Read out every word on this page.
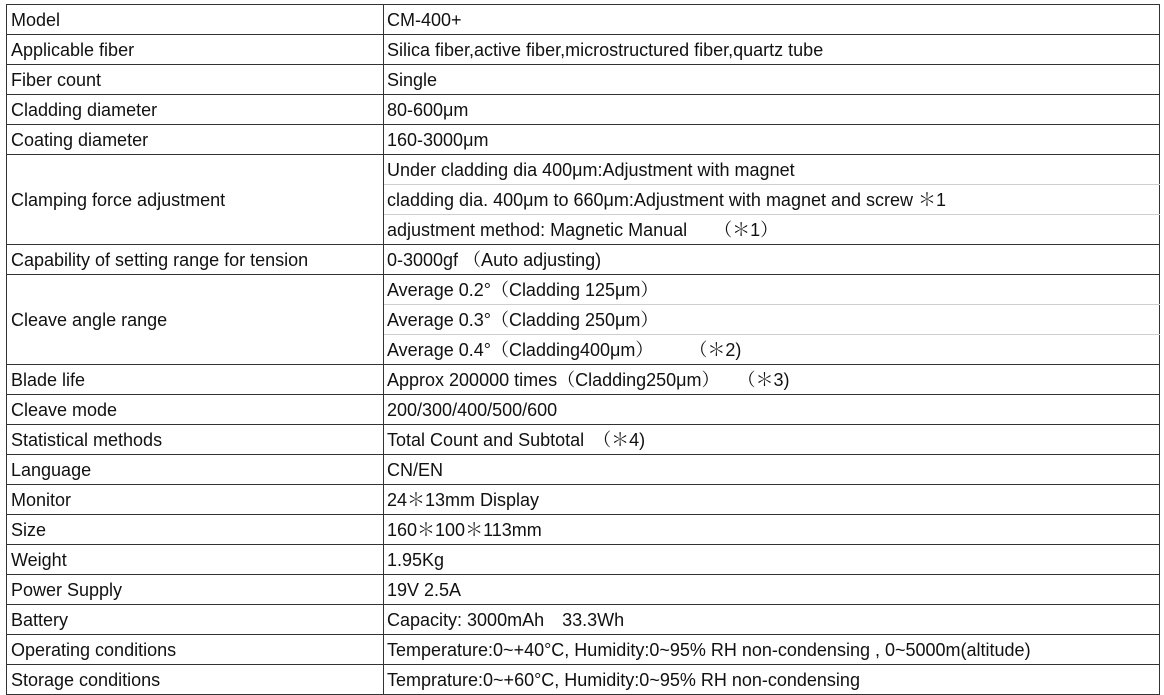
Model	CM-400+
Applicable fiber	Silica fiber,active fiber,microstructured fiber,quartz tube
Fiber count	Single
Cladding diameter	80-600μm
Coating diameter	160-3000μm
Clamping force adjustment	Under cladding dia 400μm:Adjustment with magnet
	cladding dia. 400μm to 660μm:Adjustment with magnet and screw ＊1
	adjustment method: Magnetic Manual　　（＊1）
Capability of setting range for tension	0-3000gf （Auto adjusting)
Cleave angle range	Average 0.2°（Cladding 125μm）
	Average 0.3°（Cladding 250μm）
	Average 0.4°（Cladding400μm）　　　（＊2)
Blade life	Approx 200000 times（Cladding250μm）　　（＊3)
Cleave mode	200/300/400/500/600
Statistical methods	Total Count and Subtotal　（＊4)
Language	CN/EN
Monitor	24＊13mm Display
Size	160＊100＊113mm
Weight	1.95Kg
Power Supply	19V 2.5A
Battery	Capacity: 3000mAh　33.3Wh
Operating conditions	Temperature:0~+40°C, Humidity:0~95% RH non-condensing , 0~5000m(altitude)
Storage conditions	Temprature:0~+60°C, Humidity:0~95% RH non-condensing
